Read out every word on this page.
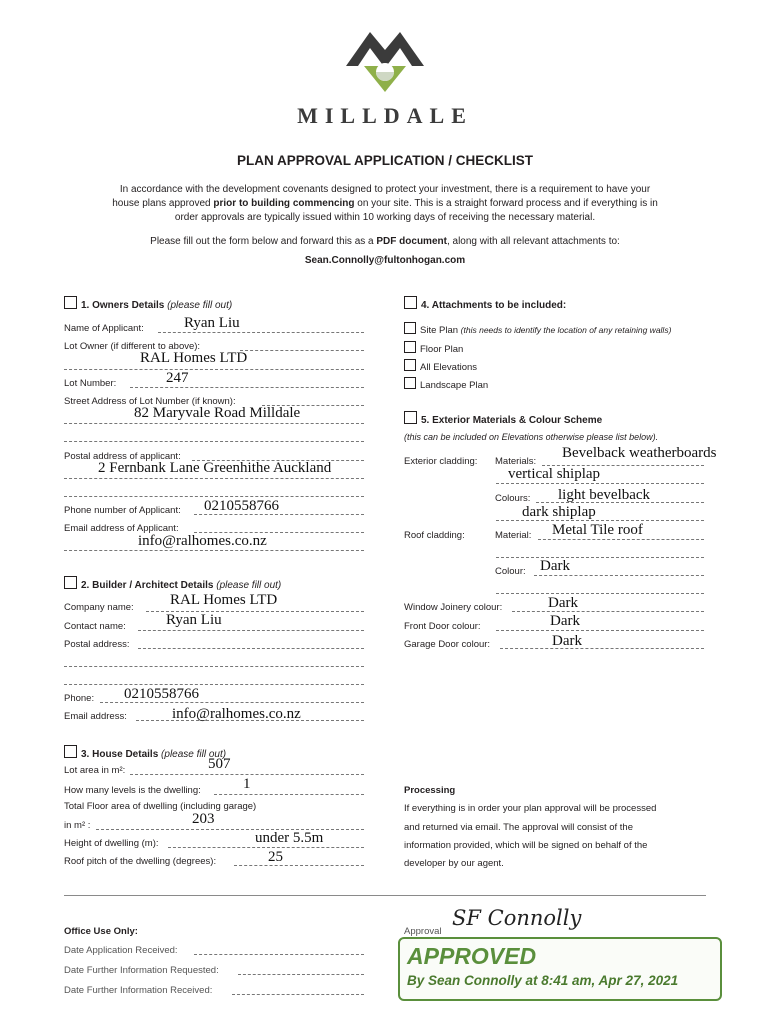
MILLDALE
PLAN APPROVAL APPLICATION / CHECKLIST
In accordance with the development covenants designed to protect your investment, there is a requirement to have your
house plans approved prior to building commencing on your site. This is a straight forward process and if everything is in
order approvals are typically issued within 10 working days of receiving the necessary material.
Please fill out the form below and forward this as a PDF document, along with all relevant attachments to:
Sean.Connolly@fultonhogan.com
1. Owners Details (please fill out)
Name of Applicant:	Ryan Liu
Lot Owner (if different to above):
RAL Homes LTD
Lot Number:	247
Street Address of Lot Number (if known):
82 Maryvale Road Milldale
Postal address of applicant:
2 Fernbank Lane Greenhithe Auckland
Phone number of Applicant: 0210558766
Email address of Applicant:
info@ralhomes.co.nz
2. Builder / Architect Details (please fill out)
Company name: RAL Homes LTD
Contact name:	Ryan Liu
Postal address:
Phone: 0210558766
Email address:	info@ralhomes.co.nz
3. House Details (please fill out)
Lot area in m²:	507
How many levels is the dwelling:	1
Total Floor area of dwelling (including garage)
in m² :	203
Height of dwelling (m):	under 5.5m
Roof pitch of the dwelling (degrees):	25
4. Attachments to be included:
Site Plan (this needs to identify the location of any retaining walls)
Floor Plan
All Elevations
Landscape Plan
5. Exterior Materials & Colour Scheme
(this can be included on Elevations otherwise please list below).
Exterior cladding: Materials:
Bevelback weatherboards
vertical shiplap
Colours: light bevelback
dark shiplap
Roof cladding:	Material: Metal Tile roof
Colour: Dark
Window Joinery colour:	Dark
Front Door colour:	Dark
Garage Door colour:	Dark
Processing
If everything is in order your plan approval will be processed
and returned via email. The approval will consist of the
information provided, which will be signed on behalf of the
developer by our agent.
Office Use Only:
Date Application Received:
Date Further Information Requested:
Date Further Information Received:
Approval
SF Connolly
APPROVED
By Sean Connolly at 8:41 am, Apr 27, 2021
